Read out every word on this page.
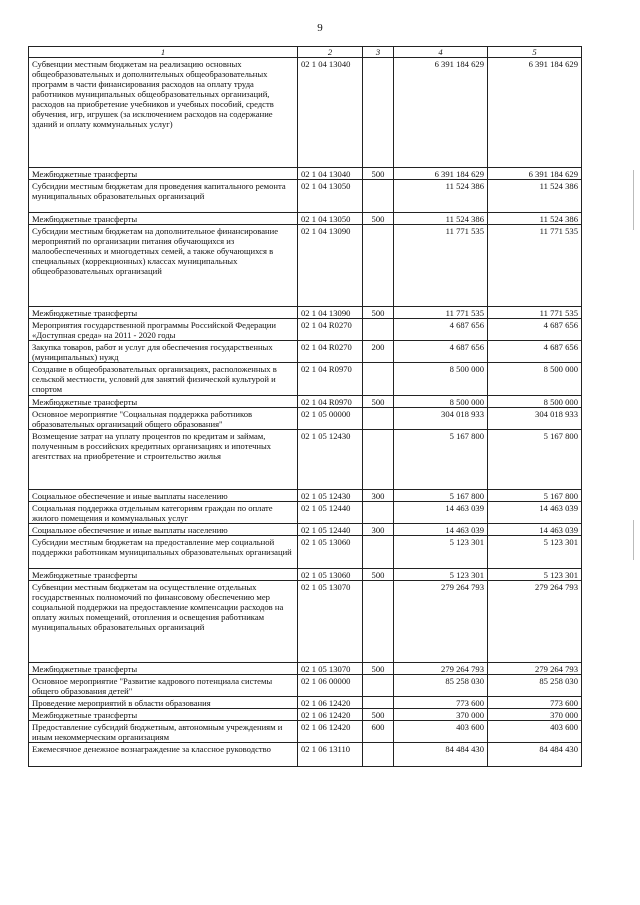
9
1	2	3	4	5
Субвенции местным бюджетам на реализацию основных общеобразовательных и дополнительных общеобразовательных программ в части финансирования расходов на оплату труда работников муниципальных общеобразовательных организаций, расходов на приобретение учебников и учебных пособий, средств обучения, игр, игрушек (за исключением расходов на содержание зданий и оплату коммунальных услуг)	02 1 04 13040		6 391 184 629	6 391 184 629
Межбюджетные трансферты	02 1 04 13040	500	6 391 184 629	6 391 184 629
Субсидии местным бюджетам для проведения капитального ремонта муниципальных образовательных организаций	02 1 04 13050		11 524 386	11 524 386
Межбюджетные трансферты	02 1 04 13050	500	11 524 386	11 524 386
Субсидии местным бюджетам на дополнительное финансирование мероприятий по организации питания обучающихся из малообеспеченных и многодетных семей, а также обучающихся в специальных (коррекционных) классах муниципальных общеобразовательных организаций	02 1 04 13090		11 771 535	11 771 535
Межбюджетные трансферты	02 1 04 13090	500	11 771 535	11 771 535
Мероприятия государственной программы Российской Федерации «Доступная среда» на 2011 - 2020 годы	02 1 04 R0270		4 687 656	4 687 656
Закупка товаров, работ и услуг для обеспечения государственных (муниципальных) нужд	02 1 04 R0270	200	4 687 656	4 687 656
Создание в общеобразовательных организациях, расположенных в сельской местности, условий для занятий физической культурой и спортом	02 1 04 R0970		8 500 000	8 500 000
Межбюджетные трансферты	02 1 04 R0970	500	8 500 000	8 500 000
Основное мероприятие "Социальная поддержка работников образовательных организаций общего образования"	02 1 05 00000		304 018 933	304 018 933
Возмещение затрат на уплату процентов по кредитам и займам, полученным в российских кредитных организациях и ипотечных агентствах на приобретение и строительство жилья	02 1 05 12430		5 167 800	5 167 800
Социальное обеспечение и иные выплаты населению	02 1 05 12430	300	5 167 800	5 167 800
Социальная поддержка отдельным категориям граждан по оплате жилого помещения и коммунальных услуг	02 1 05 12440		14 463 039	14 463 039
Социальное обеспечение и иные выплаты населению	02 1 05 12440	300	14 463 039	14 463 039
Субсидии местным бюджетам на предоставление мер социальной поддержки работникам муниципальных образовательных организаций	02 1 05 13060		5 123 301	5 123 301
Межбюджетные трансферты	02 1 05 13060	500	5 123 301	5 123 301
Субвенции местным бюджетам на осуществление отдельных государственных полномочий по финансовому обеспечению мер социальной поддержки на предоставление компенсации расходов на оплату жилых помещений, отопления и освещения работникам муниципальных образовательных организаций	02 1 05 13070		279 264 793	279 264 793
Межбюджетные трансферты	02 1 05 13070	500	279 264 793	279 264 793
Основное мероприятие "Развитие кадрового потенциала системы общего образования детей"	02 1 06 00000		85 258 030	85 258 030
Проведение мероприятий в области образования	02 1 06 12420		773 600	773 600
Межбюджетные трансферты	02 1 06 12420	500	370 000	370 000
Предоставление субсидий бюджетным, автономным учреждениям и иным некоммерческим организациям	02 1 06 12420	600	403 600	403 600
Ежемесячное денежное вознаграждение за классное руководство	02 1 06 13110		84 484 430	84 484 430
